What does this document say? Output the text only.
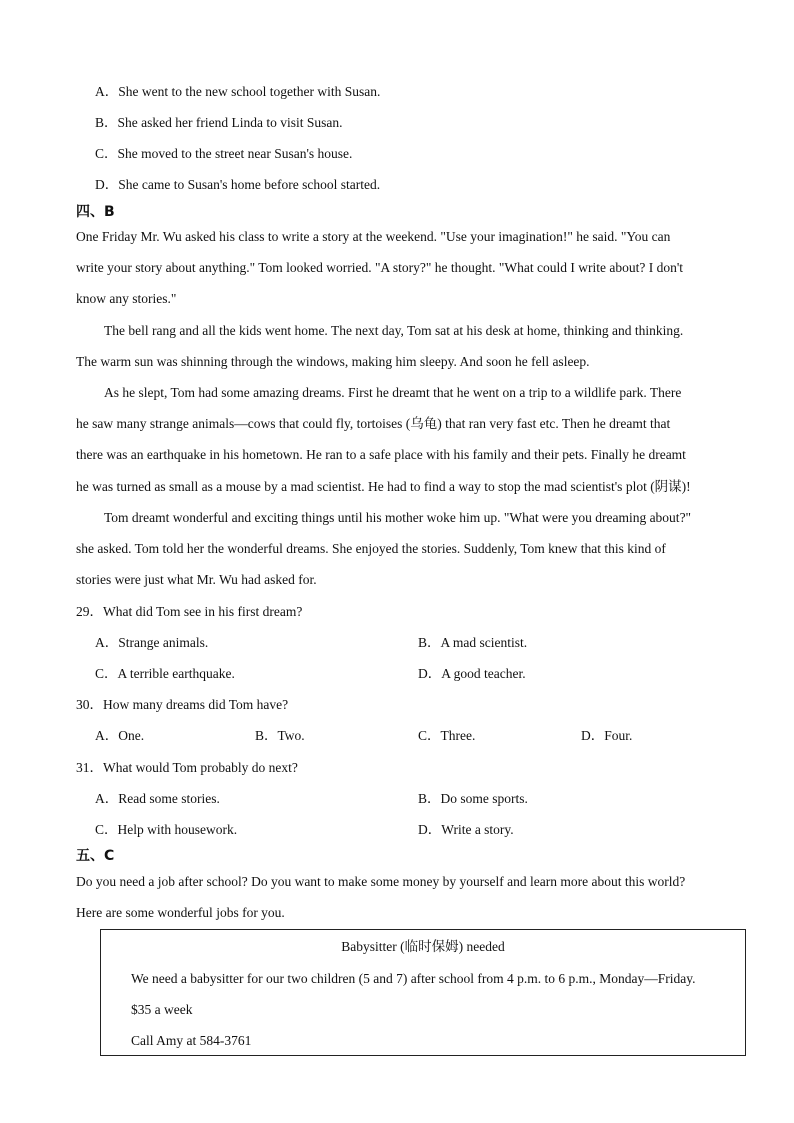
A．She went to the new school together with Susan.
B．She asked her friend Linda to visit Susan.
C．She moved to the street near Susan's house.
D．She came to Susan's home before school started.
四、B
One Friday Mr. Wu asked his class to write a story at the weekend. "Use your imagination!" he said. "You can
write your story about anything." Tom looked worried. "A story?" he thought. "What could I write about? I don't
know any stories."
The bell rang and all the kids went home. The next day, Tom sat at his desk at home, thinking and thinking.
The warm sun was shinning through the windows, making him sleepy. And soon he fell asleep.
As he slept, Tom had some amazing dreams. First he dreamt that he went on a trip to a wildlife park. There
he saw many strange animals—cows that could fly, tortoises (乌龟) that ran very fast etc. Then he dreamt that
there was an earthquake in his hometown. He ran to a safe place with his family and their pets. Finally he dreamt
he was turned as small as a mouse by a mad scientist. He had to find a way to stop the mad scientist's plot (阴谋)!
Tom dreamt wonderful and exciting things until his mother woke him up. "What were you dreaming about?"
she asked. Tom told her the wonderful dreams. She enjoyed the stories. Suddenly, Tom knew that this kind of
stories were just what Mr. Wu had asked for.
29．What did Tom see in his first dream?
A．Strange animals.	B．A mad scientist.
C．A terrible earthquake.	D．A good teacher.
30．How many dreams did Tom have?
A．One.	B．Two.	C．Three.	D．Four.
31．What would Tom probably do next?
A．Read some stories.	B．Do some sports.
C．Help with housework.	D．Write a story.
五、C
Do you need a job after school? Do you want to make some money by yourself and learn more about this world?
Here are some wonderful jobs for you.
Babysitter (临时保姆) needed
We need a babysitter for our two children (5 and 7) after school from 4 p.m. to 6 p.m., Monday—Friday.
$35 a week
Call Amy at 584-3761
